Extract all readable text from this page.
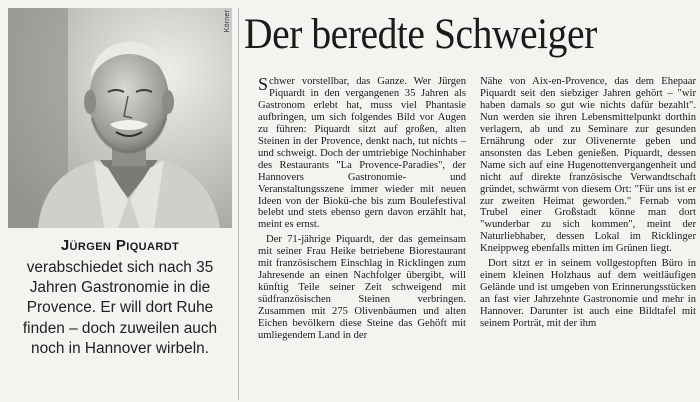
Körner

Jürgen Piquardt

verabschiedet sich nach 35 Jahren Gastronomie in die Provence. Er will dort Ruhe finden – doch zuweilen auch noch in Hannover wirbeln.

Der beredte Schweiger

Schwer vorstellbar, das Ganze. Wer Jürgen Piquardt in den vergangenen 35 Jahren als Gastronom erlebt hat, muss viel Phantasie aufbringen, um sich folgendes Bild vor Augen zu führen: Piquardt sitzt auf großen, alten Steinen in der Provence, denkt nach, tut nichts – und schweigt. Doch der umtriebige Nochinhaber des Restaurants "La Provence-Paradies", der Hannovers Gastronomie- und Veranstaltungsszene immer wieder mit neuen Ideen von der Biokü-che bis zum Boulefestival belebt und stets ebenso gern davon erzählt hat, meint es ernst.

Der 71-jährige Piquardt, der das gemeinsam mit seiner Frau Heike betriebene Biorestaurant mit französischem Einschlag in Ricklingen zum Jahresende an einen Nachfolger übergibt, will künftig Teile seiner Zeit schweigend mit südfranzösischen Steinen verbringen. Zusammen mit 275 Olivenbäumen und alten Eichen bevölkern diese Steine das Gehöft mit umliegendem Land in der

Nähe von Aix-en-Provence, das dem Ehepaar Piquardt seit den siebziger Jahren gehört – "wir haben damals so gut wie nichts dafür bezahlt". Nun werden sie ihren Lebensmittelpunkt dorthin verlagern, ab und zu Seminare zur gesunden Ernährung oder zur Olivenernte geben und ansonsten das Leben genießen. Piquardt, dessen Name sich auf eine Hugenottenvergangenheit und nicht auf direkte französische Verwandtschaft gründet, schwärmt von diesem Ort: "Für uns ist er zur zweiten Heimat geworden." Fernab vom Trubel einer Großstadt könne man dort "wunderbar zu sich kommen", meint der Naturliebhaber, dessen Lokal im Ricklinger Kneippweg ebenfalls mitten im Grünen liegt.

Dort sitzt er in seinem vollgestopften Büro in einem kleinen Holzhaus auf dem weitläufigen Gelände und ist umgeben von Erinnerungsstücken an fast vier Jahrzehnte Gastronomie und mehr in Hannover. Darunter ist auch eine Bildtafel mit seinem Porträt, mit der ihm
